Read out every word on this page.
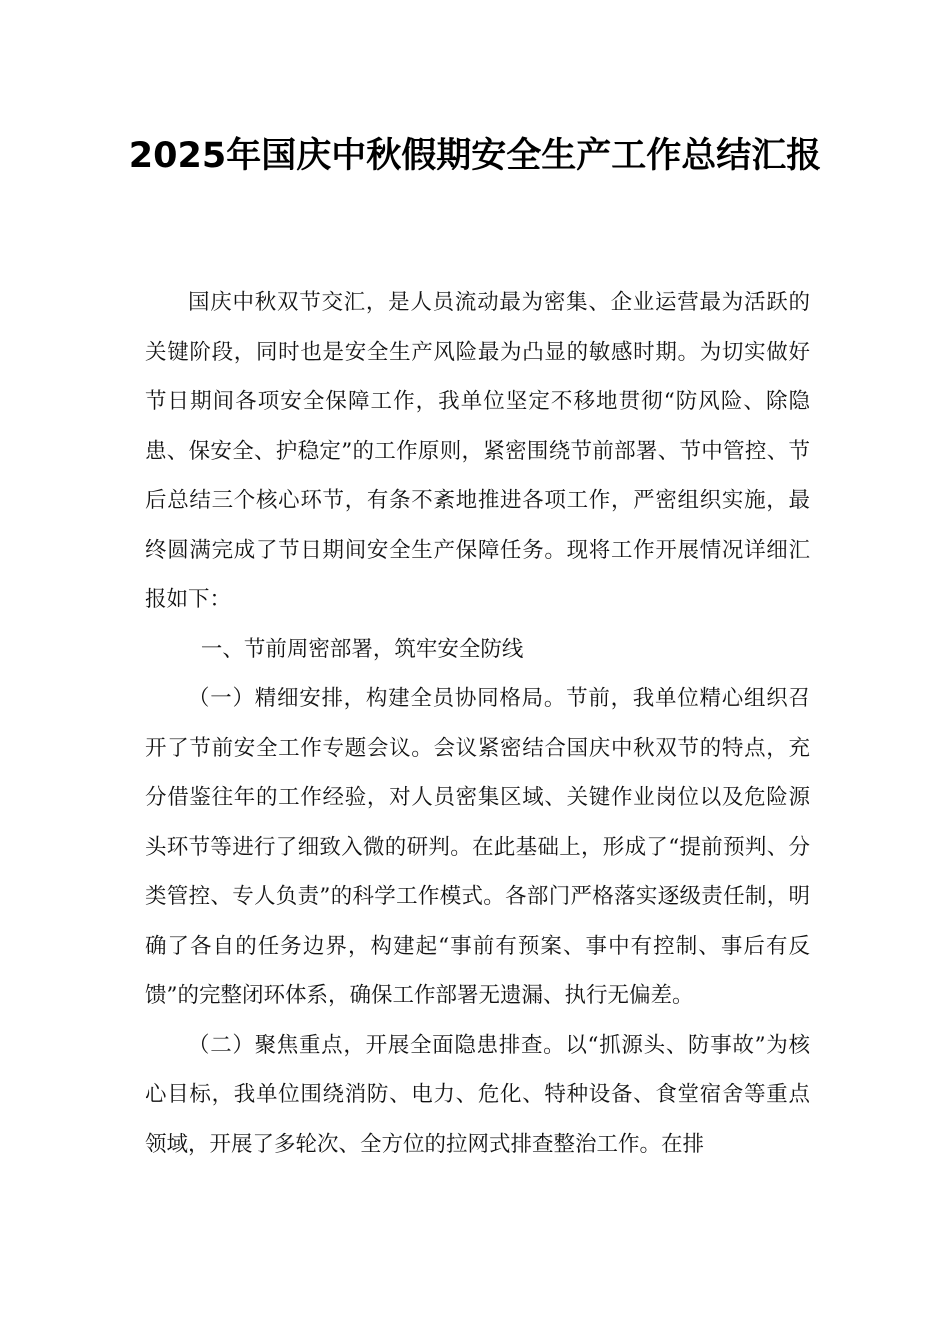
2025年国庆中秋假期安全生产工作总结汇报

国庆中秋双节交汇，是人员流动最为密集、企业运营最为活跃的关键阶段，同时也是安全生产风险最为凸显的敏感时期。为切实做好节日期间各项安全保障工作，我单位坚定不移地贯彻“防风险、除隐患、保安全、护稳定”的工作原则，紧密围绕节前部署、节中管控、节后总结三个核心环节，有条不紊地推进各项工作，严密组织实施，最终圆满完成了节日期间安全生产保障任务。现将工作开展情况详细汇报如下：

一、节前周密部署，筑牢安全防线

（一）精细安排，构建全员协同格局。节前，我单位精心组织召开了节前安全工作专题会议。会议紧密结合国庆中秋双节的特点，充分借鉴往年的工作经验，对人员密集区域、关键作业岗位以及危险源头环节等进行了细致入微的研判。在此基础上，形成了“提前预判、分类管控、专人负责”的科学工作模式。各部门严格落实逐级责任制，明确了各自的任务边界，构建起“事前有预案、事中有控制、事后有反馈”的完整闭环体系，确保工作部署无遗漏、执行无偏差。

（二）聚焦重点，开展全面隐患排查。以“抓源头、防事故”为核心目标，我单位围绕消防、电力、危化、特种设备、食堂宿舍等重点领域，开展了多轮次、全方位的拉网式排查整治工作。在排
